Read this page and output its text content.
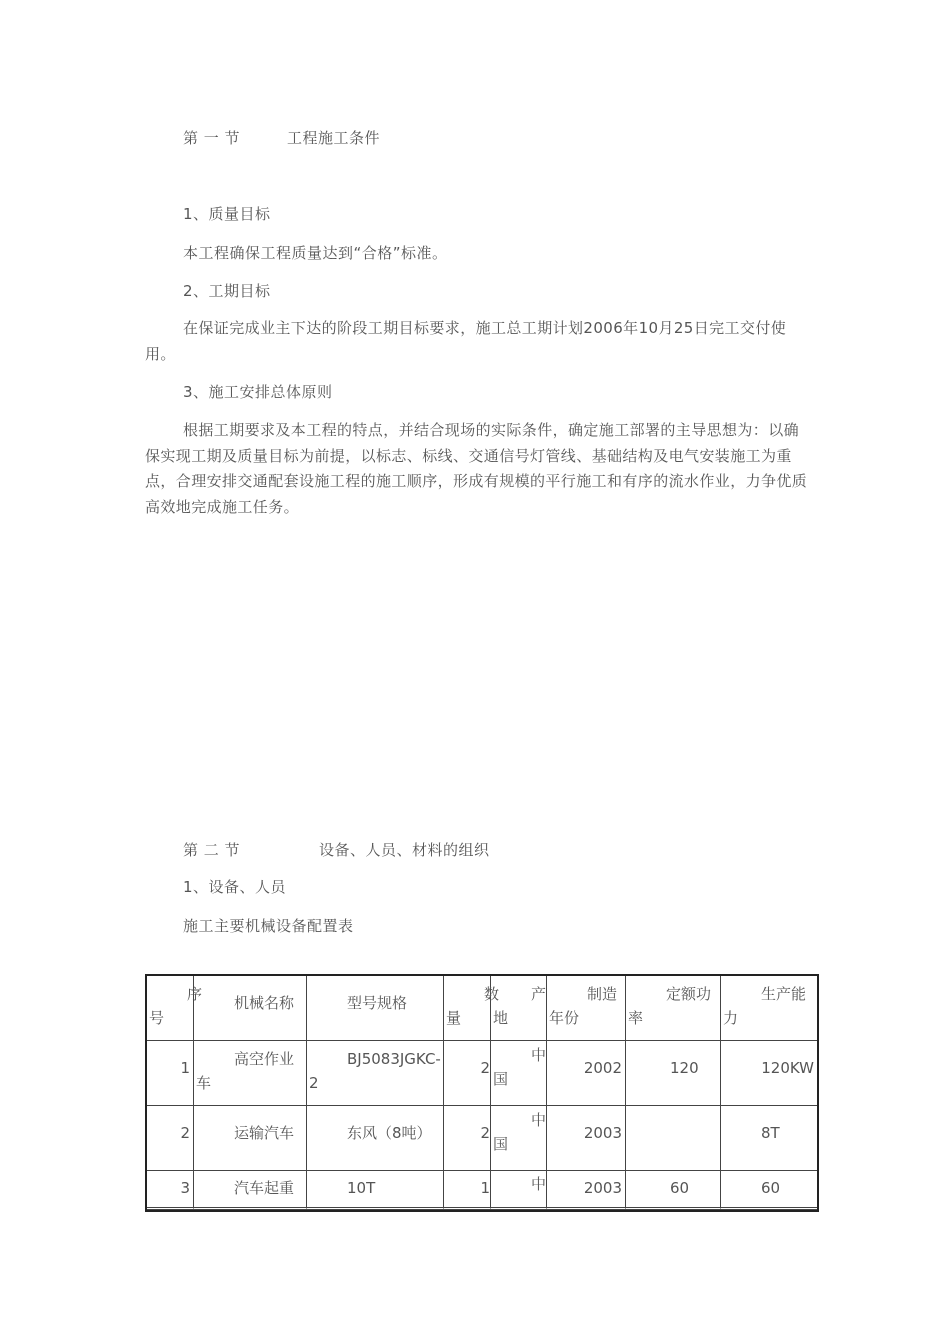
第 一 节	工程施工条件
1、质量目标
本工程确保工程质量达到“合格”标准。
2、工期目标
在保证完成业主下达的阶段工期目标要求，施工总工期计划2006年10月25日完工交付使用。
3、施工安排总体原则
根据工期要求及本工程的特点，并结合现场的实际条件，确定施工部署的主导思想为：以确保实现工期及质量目标为前提，以标志、标线、交通信号灯管线、基础结构及电气安装施工为重点，合理安排交通配套设施工程的施工顺序，形成有规模的平行施工和有序的流水作业，力争优质高效地完成施工任务。
第 二 节	设备、人员、材料的组织
1、设备、人员
施工主要机械设备配置表
序号	机械名称	型号规格	数量	产地	制造年份	定额功率	生产能力

1	高空作业车	BJ5083JGKC-2	2	中国	2002	120	120KW

2	运输汽车	东风（8吨）	2	中国	2003		8T

3	汽车起重	10T	1	中	2003	60	60
